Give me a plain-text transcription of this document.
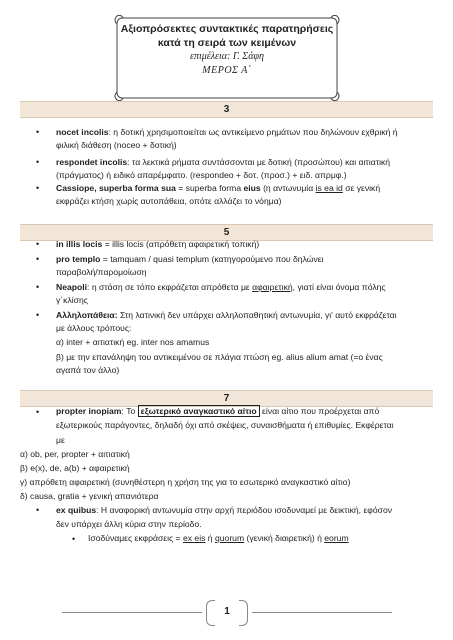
Αξιοπρόσεκτες συντακτικές παρατηρήσεις
κατά τη σειρά των κειμένων
επιμέλεια: Γ. Σάφη
ΜΕΡΟΣ Α΄
3
• nocet incolis: η δοτική χρησιμοποιείται ως αντικείμενο ρημάτων που δηλώνουν εχθρική ή
φιλική διάθεση (noceo + δοτική)
• respondet incolis: τα λεκτικά ρήματα συντάσσονται με δοτική (προσώπου) και αιτιατική
(πράγματος) ή ειδικό απαρέμφατο. (respondeo + δοτ. (προσ.) + ειδ. απρμφ.)
• Cassiope, superba forma sua = superba forma eius (η αντωνυμία is ea id σε γενική
εκφράζει κτήση χωρίς αυτοπάθεια, οπότε αλλάζει το νόημα)
5
• in illis locis = illis locis (απρόθετη αφαιρετική τοπική)
• pro templo = tamquam / quasi templum (κατηγορούμενο που δηλώνει
παραβολή/παρομοίωση
• Neapoli: η στάση σε τόπο εκφράζεται απρόθετα με αφαιρετική, γιατί είναι όνομα πόλης
γ΄κλίσης
• Αλληλοπάθεια: Στη λατινική δεν υπάρχει αλληλοπαθητική αντωνυμία, γι' αυτό εκφράζεται
με άλλους τρόπους:
α) inter + αιτιατική eg. inter nos amamus
β) με την επανάληψη του αντικειμένου σε πλάγια πτώση eg. alius alium amat (=ο ένας
αγαπά τον άλλο)
7
• propter inopiam: Το εξωτερικό αναγκαστικό αίτιο είναι αίτιο που προέρχεται από
εξωτερικούς παράγοντες, δηλαδή όχι από σκέψεις, συναισθήματα ή επιθυμίες. Εκφέρεται
με
α) ob, per, propter + αιτιατική
β) e(x), de, a(b) + αφαιρετική
γ) απρόθετη αφαιρετική (συνηθέστερη η χρήση της για το εσωτερικό αναγκαστικό αίτιο)
δ) causa, gratia + γενική απανιότερα
• ex quibus: Η αναφορική αντωνυμία στην αρχή περιόδου ισοδυναμεί με δεικτική, εφόσον
δεν υπάρχει άλλη κύρια στην περίοδο.
• Ισοδύναμες εκφράσεις = ex eis ή quorum (γενική διαιρετική) ή eorum
1
